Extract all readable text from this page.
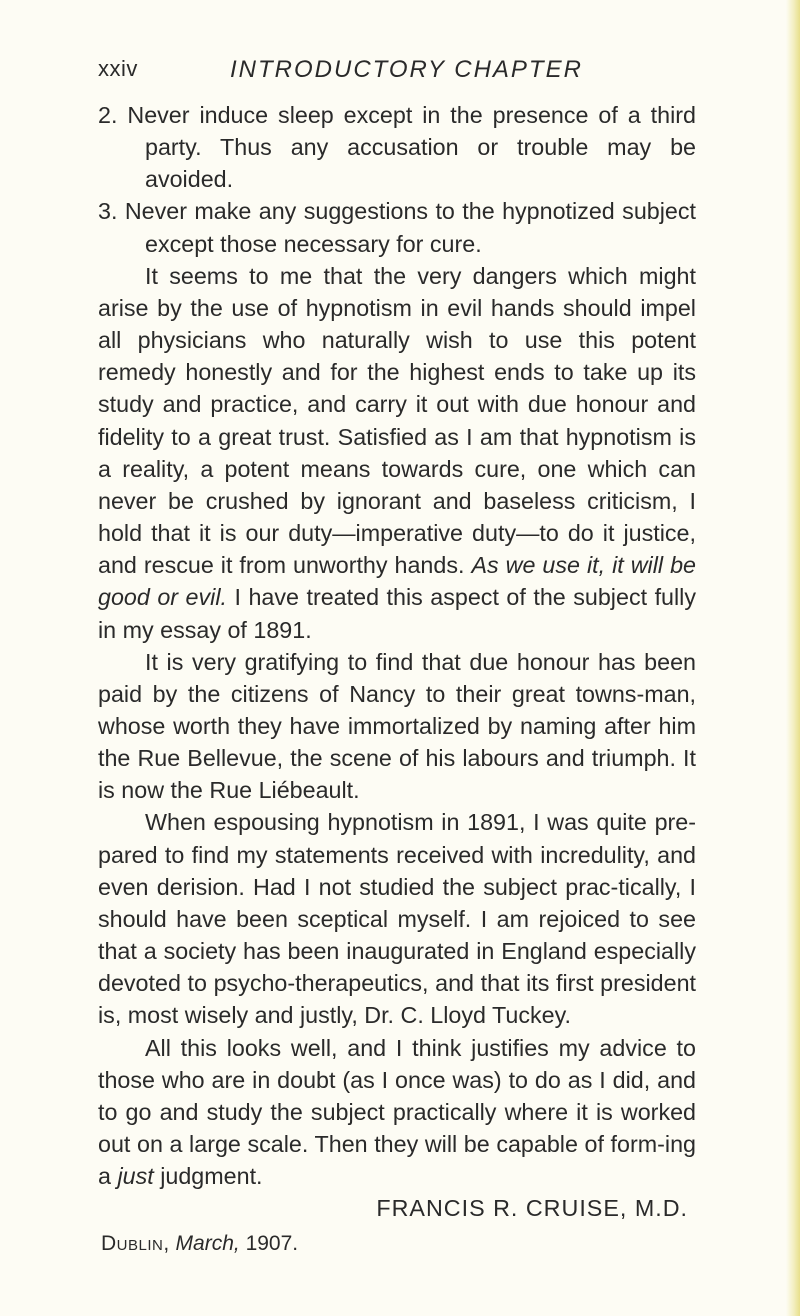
xxiv	INTRODUCTORY CHAPTER

2. Never induce sleep except in the presence of a third party. Thus any accusation or trouble may be avoided.

3. Never make any suggestions to the hypnotized subject except those necessary for cure.

It seems to me that the very dangers which might arise by the use of hypnotism in evil hands should impel all physicians who naturally wish to use this potent remedy honestly and for the highest ends to take up its study and practice, and carry it out with due honour and fidelity to a great trust. Satisfied as I am that hypnotism is a reality, a potent means towards cure, one which can never be crushed by ignorant and baseless criticism, I hold that it is our duty—imperative duty—to do it justice, and rescue it from unworthy hands. As we use it, it will be good or evil. I have treated this aspect of the subject fully in my essay of 1891.

It is very gratifying to find that due honour has been paid by the citizens of Nancy to their great towns-man, whose worth they have immortalized by naming after him the Rue Bellevue, the scene of his labours and triumph. It is now the Rue Liébeault.

When espousing hypnotism in 1891, I was quite pre-pared to find my statements received with incredulity, and even derision. Had I not studied the subject prac-tically, I should have been sceptical myself. I am rejoiced to see that a society has been inaugurated in England especially devoted to psycho-therapeutics, and that its first president is, most wisely and justly, Dr. C. Lloyd Tuckey.

All this looks well, and I think justifies my advice to those who are in doubt (as I once was) to do as I did, and to go and study the subject practically where it is worked out on a large scale. Then they will be capable of form-ing a just judgment.

FRANCIS R. CRUISE, M.D.

Dublin, March, 1907.
